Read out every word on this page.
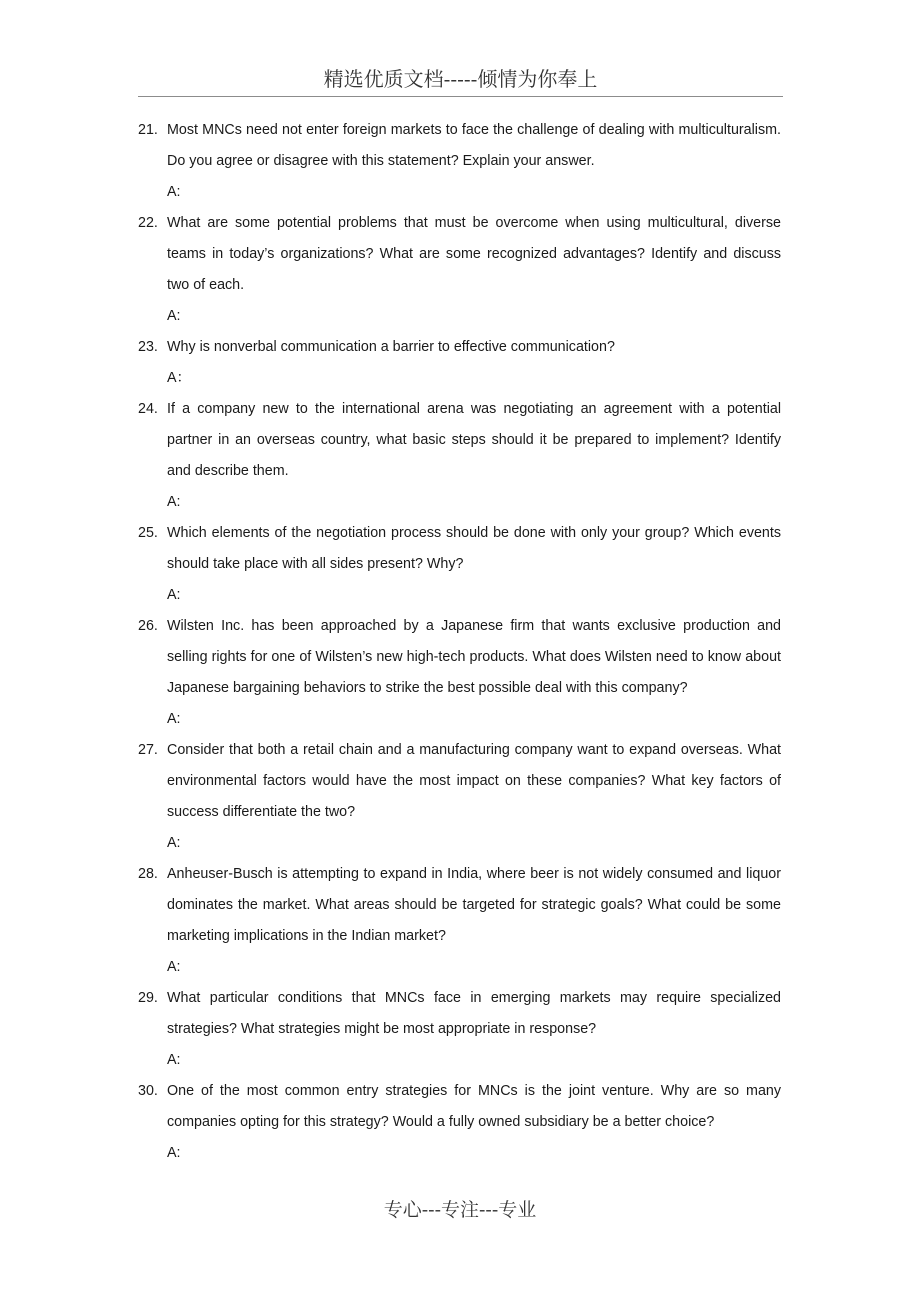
精选优质文档-----倾情为你奉上
21. Most MNCs need not enter foreign markets to face the challenge of dealing with multiculturalism. Do you agree or disagree with this statement? Explain your answer.
A:
22. What are some potential problems that must be overcome when using multicultural, diverse teams in today’s organizations? What are some recognized advantages? Identify and discuss two of each.
A:
23. Why is nonverbal communication a barrier to effective communication?
A：
24. If a company new to the international arena was negotiating an agreement with a potential partner in an overseas country, what basic steps should it be prepared to implement? Identify and describe them.
A:
25. Which elements of the negotiation process should be done with only your group? Which events should take place with all sides present? Why?
A:
26. Wilsten Inc. has been approached by a Japanese firm that wants exclusive production and selling rights for one of Wilsten’s new high-tech products. What does Wilsten need to know about Japanese bargaining behaviors to strike the best possible deal with this company?
A:
27. Consider that both a retail chain and a manufacturing company want to expand overseas. What environmental factors would have the most impact on these companies? What key factors of success differentiate the two?
A:
28. Anheuser-Busch is attempting to expand in India, where beer is not widely consumed and liquor dominates the market. What areas should be targeted for strategic goals? What could be some marketing implications in the Indian market?
A:
29. What particular conditions that MNCs face in emerging markets may require specialized strategies? What strategies might be most appropriate in response?
A:
30. One of the most common entry strategies for MNCs is the joint venture. Why are so many companies opting for this strategy? Would a fully owned subsidiary be a better choice?
A:
专心---专注---专业
